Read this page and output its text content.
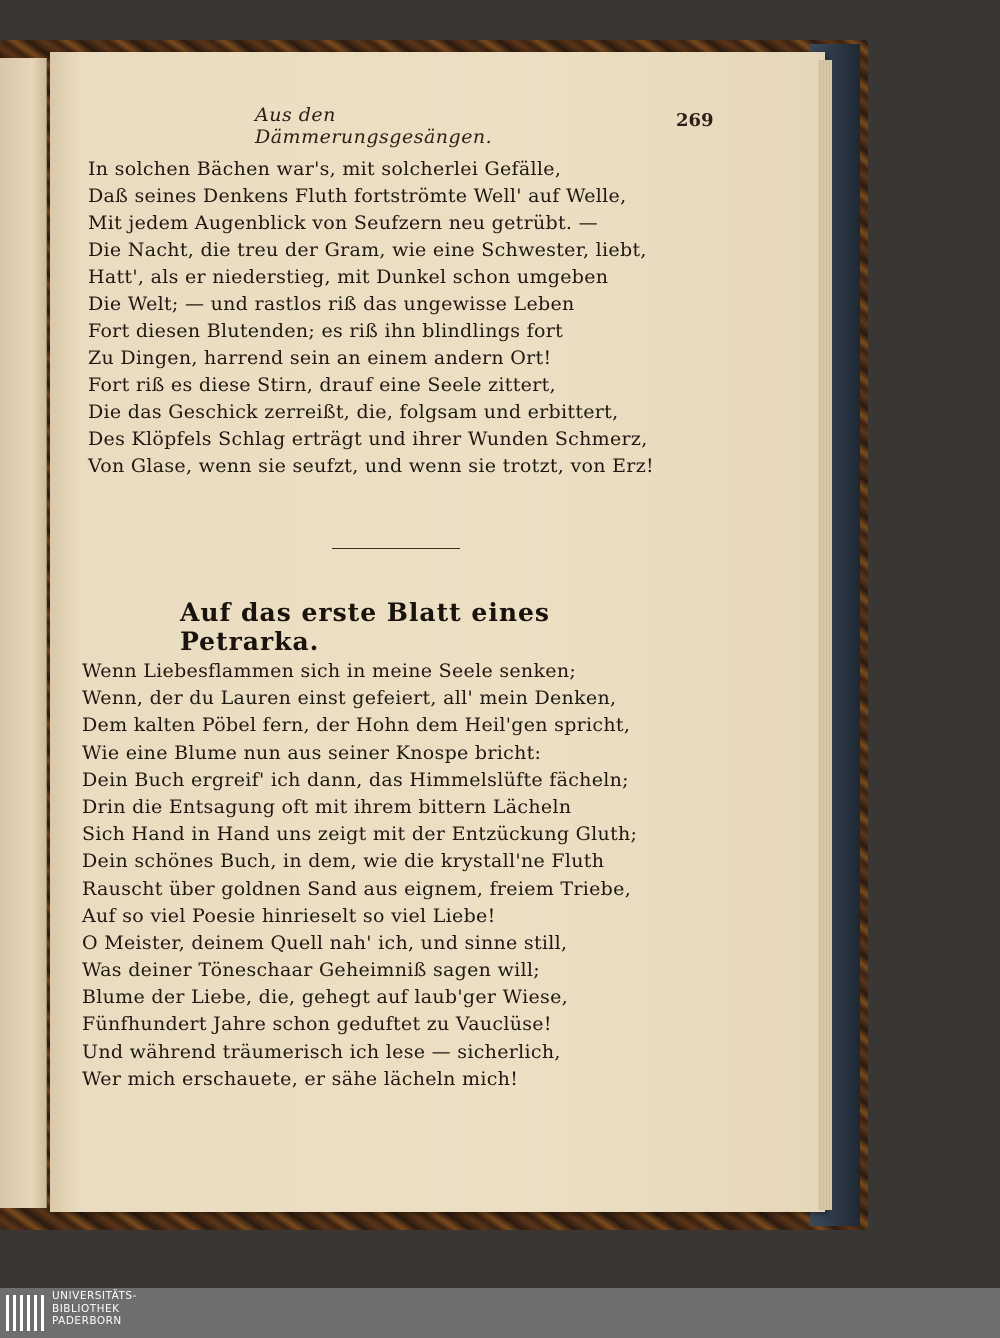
Aus den Dämmerungsgesängen.
269
In solchen Bächen war's, mit solcherlei Gefälle,
Daß seines Denkens Fluth fortströmte Well' auf Welle,
Mit jedem Augenblick von Seufzern neu getrübt. —
Die Nacht, die treu der Gram, wie eine Schwester, liebt,
Hatt', als er niederstieg, mit Dunkel schon umgeben
Die Welt; — und rastlos riß das ungewisse Leben
Fort diesen Blutenden; es riß ihn blindlings fort
Zu Dingen, harrend sein an einem andern Ort!
Fort riß es diese Stirn, drauf eine Seele zittert,
Die das Geschick zerreißt, die, folgsam und erbittert,
Des Klöpfels Schlag erträgt und ihrer Wunden Schmerz,
Von Glase, wenn sie seufzt, und wenn sie trotzt, von Erz!
Auf das erste Blatt eines Petrarka.
Wenn Liebesflammen sich in meine Seele senken;
Wenn, der du Lauren einst gefeiert, all' mein Denken,
Dem kalten Pöbel fern, der Hohn dem Heil'gen spricht,
Wie eine Blume nun aus seiner Knospe bricht:
Dein Buch ergreif' ich dann, das Himmelslüfte fächeln;
Drin die Entsagung oft mit ihrem bittern Lächeln
Sich Hand in Hand uns zeigt mit der Entzückung Gluth;
Dein schönes Buch, in dem, wie die krystall'ne Fluth
Rauscht über goldnen Sand aus eignem, freiem Triebe,
Auf so viel Poesie hinrieselt so viel Liebe!
O Meister, deinem Quell nah' ich, und sinne still,
Was deiner Töneschaar Geheimniß sagen will;
Blume der Liebe, die, gehegt auf laub'ger Wiese,
Fünfhundert Jahre schon geduftet zu Vauclüse!
Und während träumerisch ich lese — sicherlich,
Wer mich erschauete, er sähe lächeln mich!
UNIVERSITÄTS-
BIBLIOTHEK
PADERBORN
